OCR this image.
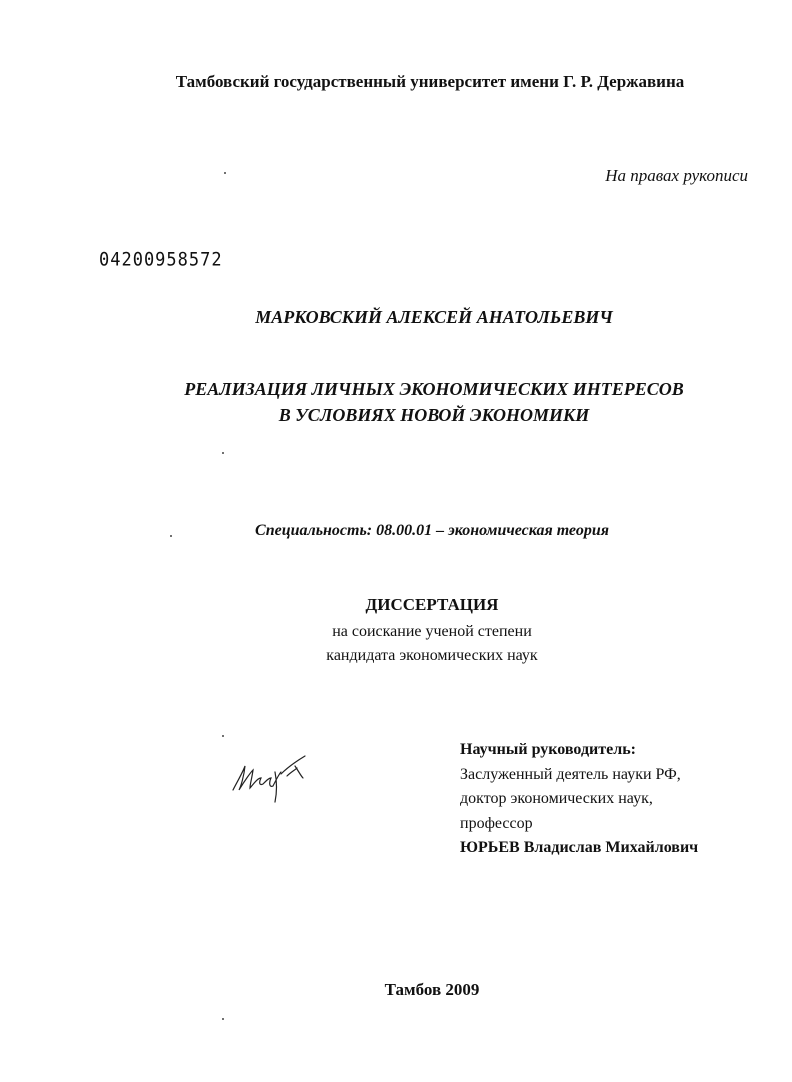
Тамбовский государственный университет имени Г. Р. Державина
На правах рукописи
04200958572
МАРКОВСКИЙ АЛЕКСЕЙ АНАТОЛЬЕВИЧ
РЕАЛИЗАЦИЯ ЛИЧНЫХ ЭКОНОМИЧЕСКИХ ИНТЕРЕСОВ
В УСЛОВИЯХ НОВОЙ ЭКОНОМИКИ
Специальность: 08.00.01 – экономическая теория
ДИССЕРТАЦИЯ
на соискание ученой степени
кандидата экономических наук
Научный руководитель:
Заслуженный деятель науки РФ,
доктор экономических наук,
профессор
ЮРЬЕВ Владислав Михайлович
Тамбов 2009
